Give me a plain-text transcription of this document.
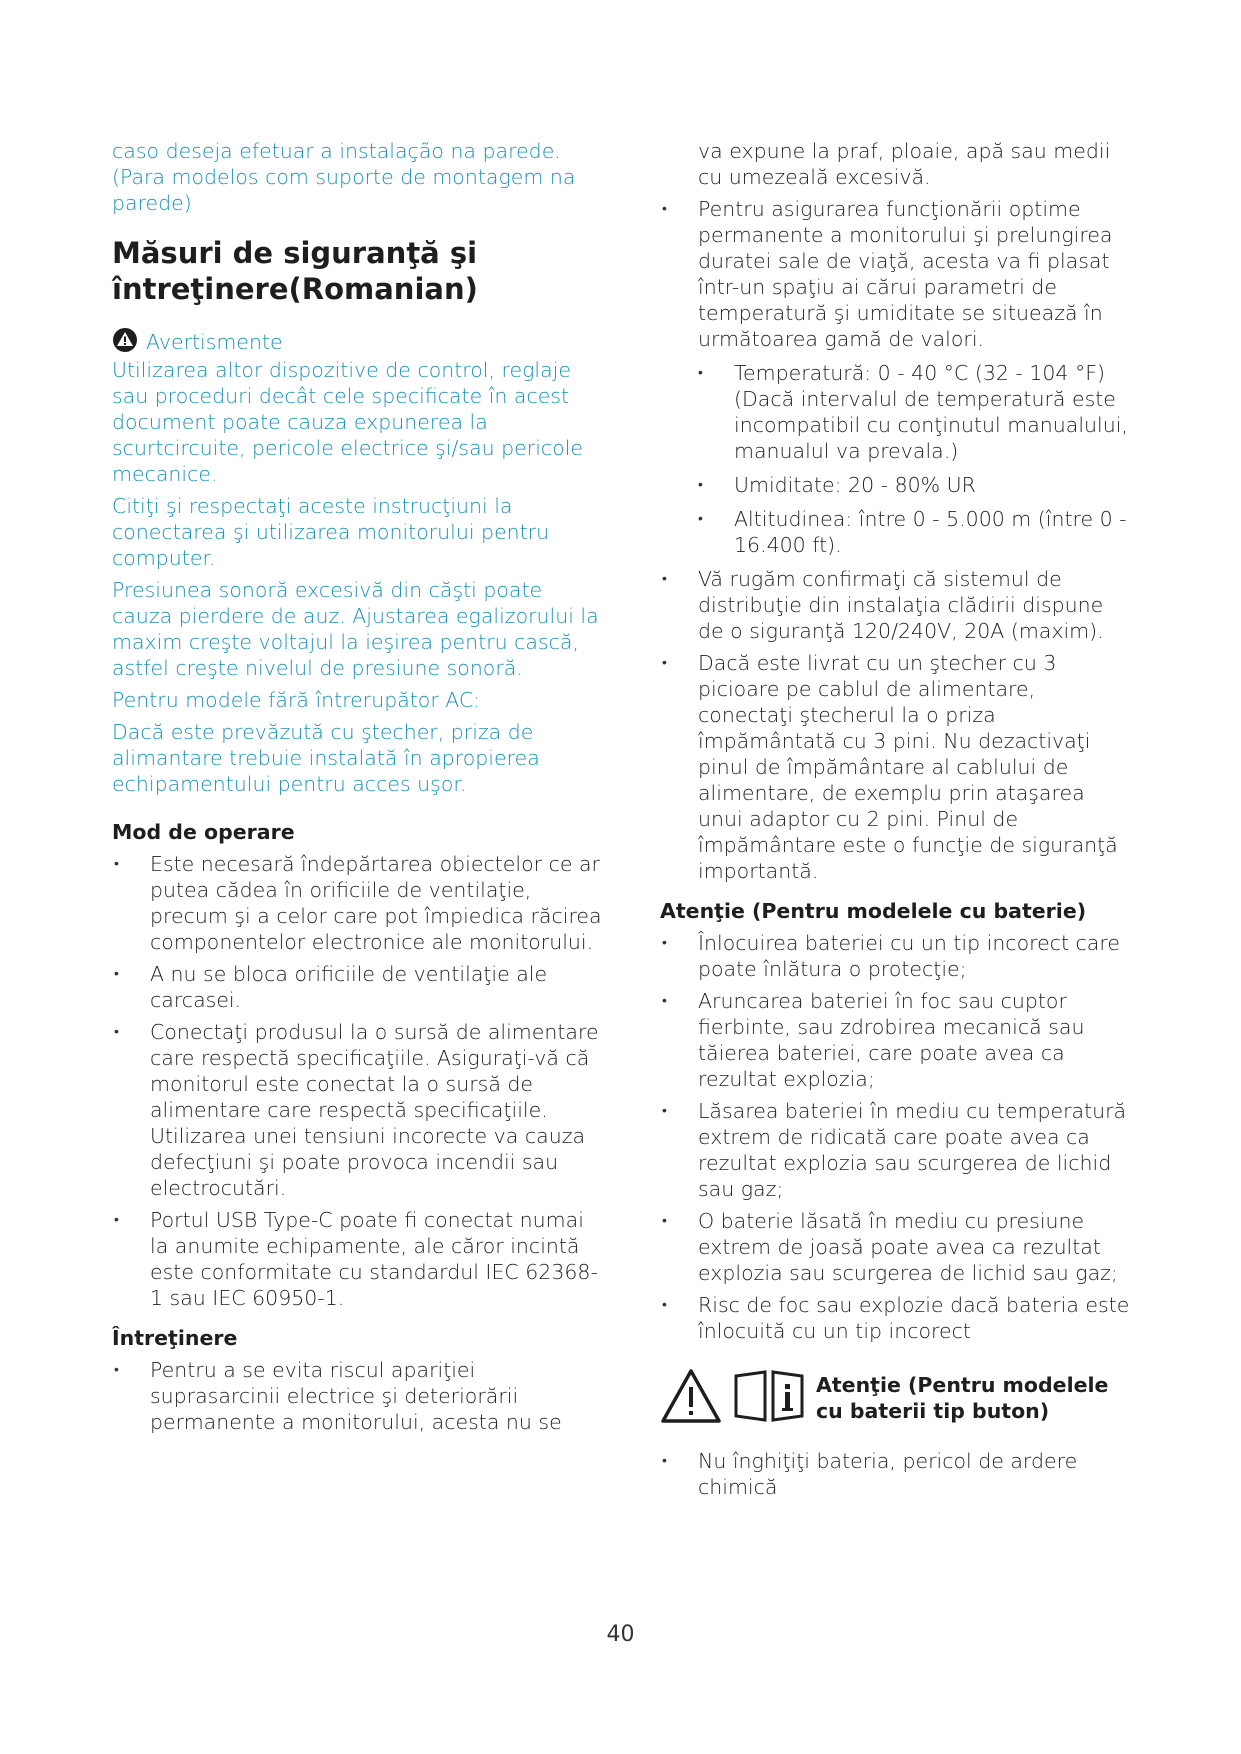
caso deseja efetuar a instalação na parede.

(Para modelos com suporte de montagem na

parede)

Măsuri de siguranţă şi

întreţinere(Romanian)

Avertismente

Utilizarea altor dispozitive de control, reglaje sau proceduri decât cele specificate în acest document poate cauza expunerea la scurtcircuite, pericole electrice şi/sau pericole mecanice.

Citiţi şi respectaţi aceste instrucţiuni la conectarea şi utilizarea monitorului pentru computer.

Presiunea sonoră excesivă din căşti poate cauza pierdere de auz. Ajustarea egalizorului la maxim creşte voltajul la ieşirea pentru cască, astfel creşte nivelul de presiune sonoră.

Pentru modele fără întrerupător AC:

Dacă este prevăzută cu ştecher, priza de alimantare trebuie instalată în apropierea echipamentului pentru acces uşor.

Mod de operare

• Este necesară îndepărtarea obiectelor ce ar putea cădea în orificiile de ventilaţie, precum şi a celor care pot împiedica răcirea componentelor electronice ale monitorului.
• A nu se bloca orificiile de ventilaţie ale carcasei.
• Conectaţi produsul la o sursă de alimentare care respectă specificaţiile. Asiguraţi-vă că monitorul este conectat la o sursă de alimentare care respectă specificaţiile. Utilizarea unei tensiuni incorecte va cauza defecţiuni şi poate provoca incendii sau electrocutări.
• Portul USB Type-C poate fi conectat numai la anumite echipamente, ale căror incintă este conformitate cu standardul IEC 62368-1 sau IEC 60950-1.

Întreţinere

• Pentru a se evita riscul apariţiei suprasarcinii electrice şi deteriorării permanente a monitorului, acesta nu se

va expune la praf, ploaie, apă sau medii cu umezeală excesivă.

• Pentru asigurarea funcţionării optime permanente a monitorului şi prelungirea duratei sale de viaţă, acesta va fi plasat într-un spaţiu ai cărui parametri de temperatură şi umiditate se situează în următoarea gamă de valori.
• Temperatură: 0 - 40 °C (32 - 104 °F) (Dacă intervalul de temperatură este incompatibil cu conţinutul manualului, manualul va prevala.)
• Umiditate: 20 - 80% UR
• Altitudinea: între 0 - 5.000 m (între 0 - 16.400 ft).
• Vă rugăm confirmaţi că sistemul de distribuţie din instalaţia clădirii dispune de o siguranţă 120/240V, 20A (maxim).
• Dacă este livrat cu un ştecher cu 3 picioare pe cablul de alimentare, conectaţi ştecherul la o priza împământată cu 3 pini. Nu dezactivaţi pinul de împământare al cablului de alimentare, de exemplu prin ataşarea unui adaptor cu 2 pini. Pinul de împământare este o funcţie de siguranţă importantă.

Atenţie (Pentru modelele cu baterie)

• Înlocuirea bateriei cu un tip incorect care poate înlătura o protecţie;
• Aruncarea bateriei în foc sau cuptor fierbinte, sau zdrobirea mecanică sau tăierea bateriei, care poate avea ca rezultat explozia;
• Lăsarea bateriei în mediu cu temperatură extrem de ridicată care poate avea ca rezultat explozia sau scurgerea de lichid sau gaz;
• O baterie lăsată în mediu cu presiune extrem de joasă poate avea ca rezultat explozia sau scurgerea de lichid sau gaz;
• Risc de foc sau explozie dacă bateria este înlocuită cu un tip incorect

Atenţie (Pentru modelele

cu baterii tip buton)

• Nu înghiţiţi bateria, pericol de ardere chimică
40
